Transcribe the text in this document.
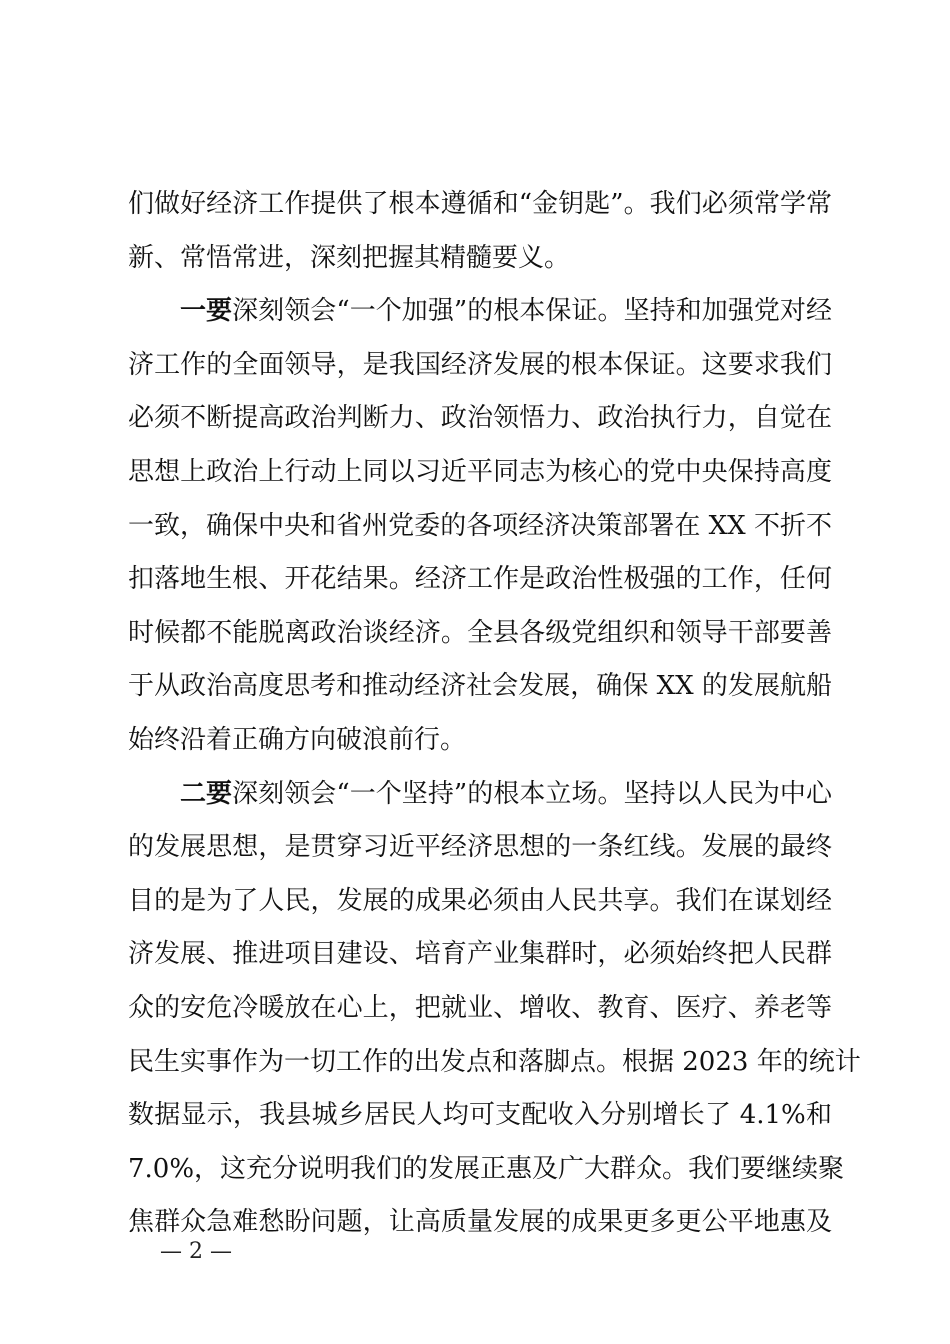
们做好经济工作提供了根本遵循和“金钥匙”。我们必须常学常
新、常悟常进，深刻把握其精髓要义。
一要深刻领会“一个加强”的根本保证。坚持和加强党对经
济工作的全面领导，是我国经济发展的根本保证。这要求我们
必须不断提高政治判断力、政治领悟力、政治执行力，自觉在
思想上政治上行动上同以习近平同志为核心的党中央保持高度
一致，确保中央和省州党委的各项经济决策部署在 XX 不折不
扣落地生根、开花结果。经济工作是政治性极强的工作，任何
时候都不能脱离政治谈经济。全县各级党组织和领导干部要善
于从政治高度思考和推动经济社会发展，确保 XX 的发展航船
始终沿着正确方向破浪前行。
二要深刻领会“一个坚持”的根本立场。坚持以人民为中心
的发展思想，是贯穿习近平经济思想的一条红线。发展的最终
目的是为了人民，发展的成果必须由人民共享。我们在谋划经
济发展、推进项目建设、培育产业集群时，必须始终把人民群
众的安危冷暖放在心上，把就业、增收、教育、医疗、养老等
民生实事作为一切工作的出发点和落脚点。根据 2023 年的统计
数据显示，我县城乡居民人均可支配收入分别增长了 4.1%和
7.0%，这充分说明我们的发展正惠及广大群众。我们要继续聚
焦群众急难愁盼问题，让高质量发展的成果更多更公平地惠及
— 2 —
